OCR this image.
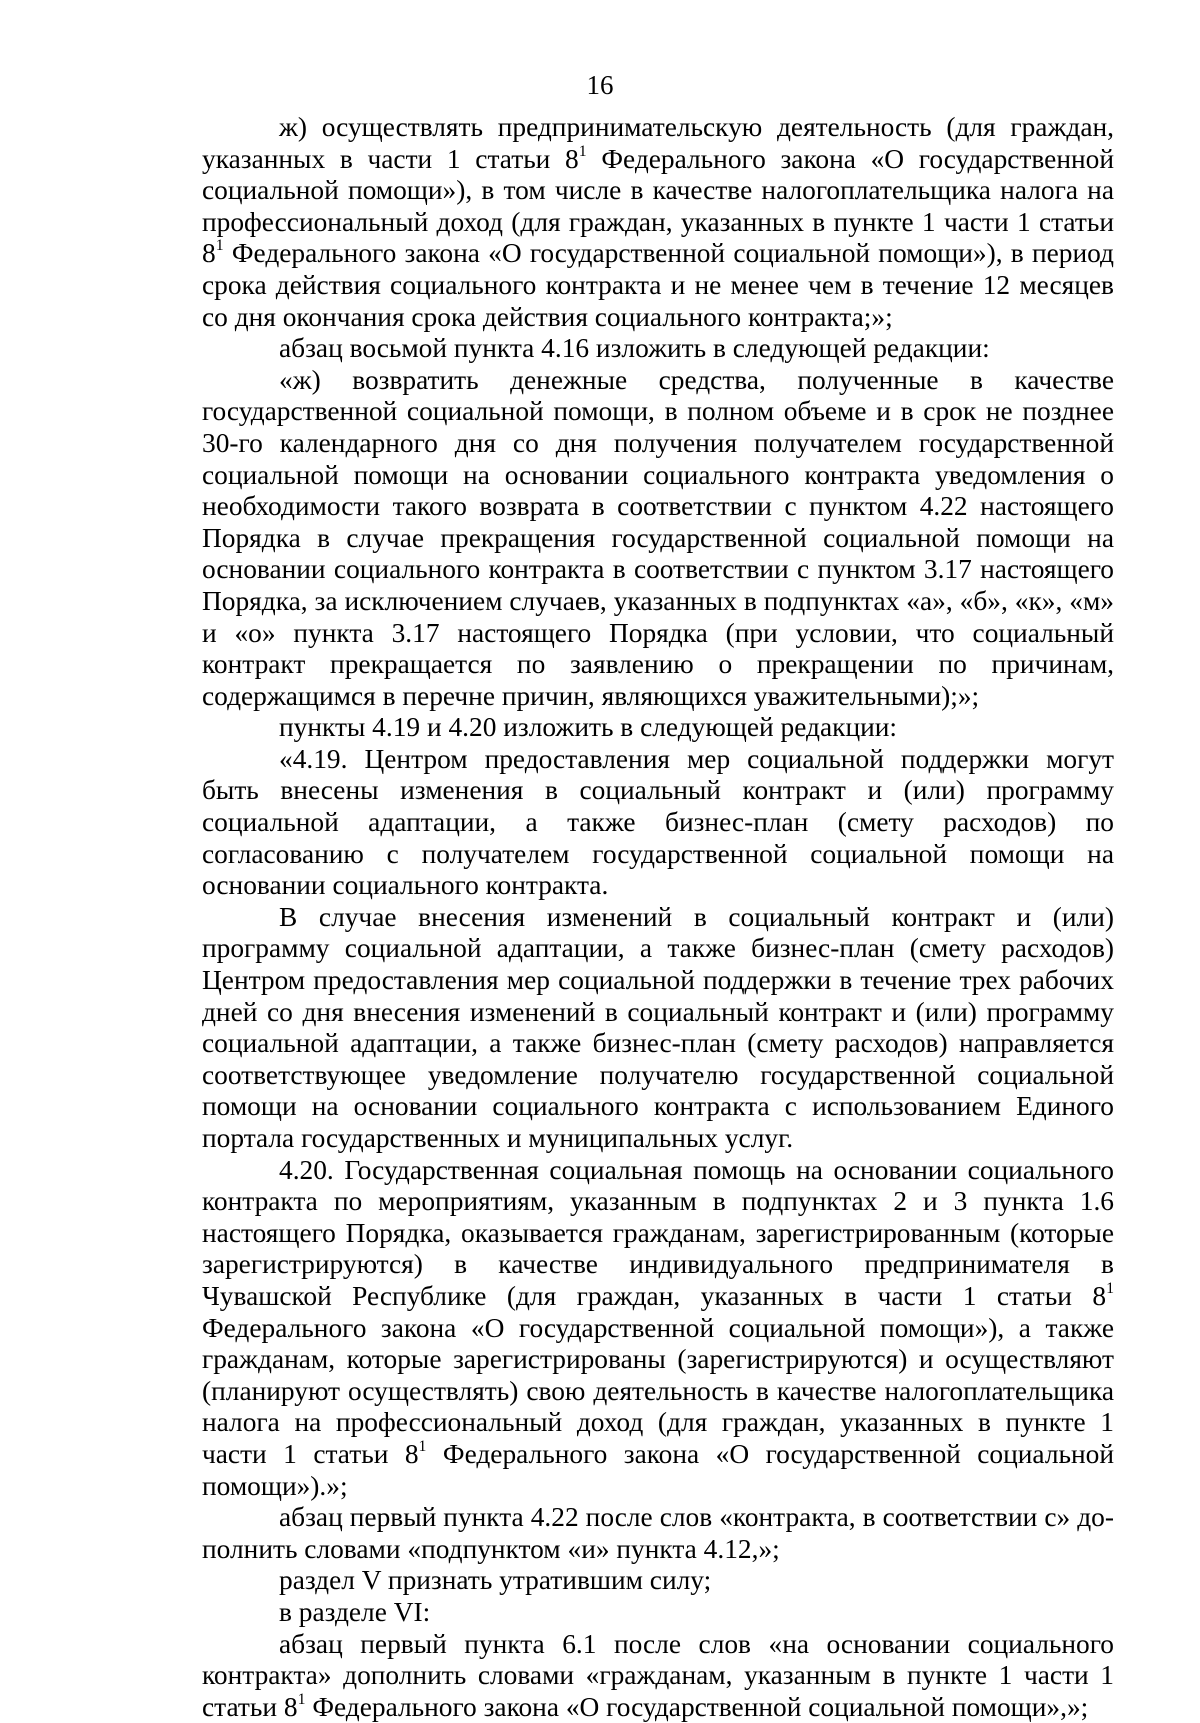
16

ж) осуществлять предпринимательскую деятельность (для граждан, указанных в части 1 статьи $8^1$ Федерального закона «О государственной социальной помощи»), в том числе в качестве налогоплательщика налога на профессиональный доход (для граждан, указанных в пункте 1 части 1 статьи $8^1$ Федерального закона «О государственной социальной помощи»), в период срока действия социального контракта и не менее чем в течение 12 месяцев со дня окончания срока действия социального контракта;»;

абзац восьмой пункта 4.16 изложить в следующей редакции:

«ж) возвратить денежные средства, полученные в качестве государственной социальной помощи, в полном объеме и в срок не позднее 30-го календарного дня со дня получения получателем государственной социальной помощи на основании социального контракта уведомления о необходимости такого возврата в соответствии с пунктом 4.22 настоящего Порядка в случае прекращения государственной социальной помощи на основании социального контракта в соответствии с пунктом 3.17 настоящего Порядка, за исключением случаев, указанных в подпунктах «а», «б», «к», «м» и «о» пункта 3.17 настоящего Порядка (при условии, что социальный контракт прекращается по заявлению о прекращении по причинам, содержащимся в перечне причин, являющихся уважительными);»;

пункты 4.19 и 4.20 изложить в следующей редакции:

«4.19. Центром предоставления мер социальной поддержки могут быть внесены изменения в социальный контракт и (или) программу социальной адаптации, а также бизнес-план (смету расходов) по согласованию с получателем государственной социальной помощи на основании социального контракта.

В случае внесения изменений в социальный контракт и (или) программу социальной адаптации, а также бизнес-план (смету расходов) Центром предоставления мер социальной поддержки в течение трех рабочих дней со дня внесения изменений в социальный контракт и (или) программу социальной адаптации, а также бизнес-план (смету расходов) направляется соответствующее уведомление получателю государственной социальной помощи на основании социального контракта с использованием Единого портала государственных и муниципальных услуг.

4.20. Государственная социальная помощь на основании социального контракта по мероприятиям, указанным в подпунктах 2 и 3 пункта 1.6 настоящего Порядка, оказывается гражданам, зарегистрированным (которые зарегистрируются) в качестве индивидуального предпринимателя в Чувашской Республике (для граждан, указанных в части 1 статьи $8^1$ Федерального закона «О государственной социальной помощи»), а также гражданам, которые зарегистрированы (зарегистрируются) и осуществляют (планируют осуществлять) свою деятельность в качестве налогоплательщика налога на профессиональный доход (для граждан, указанных в пункте 1 части 1 статьи $8^1$ Федерального закона «О государственной социальной помощи»).»;

абзац первый пункта 4.22 после слов «контракта, в соответствии с» дополнить словами «подпунктом «и» пункта 4.12,»;

раздел V признать утратившим силу;

в разделе VI:

абзац первый пункта 6.1 после слов «на основании социального контракта» дополнить словами «гражданам, указанным в пункте 1 части 1 статьи $8^1$ Федерального закона «О государственной социальной помощи»,»;
